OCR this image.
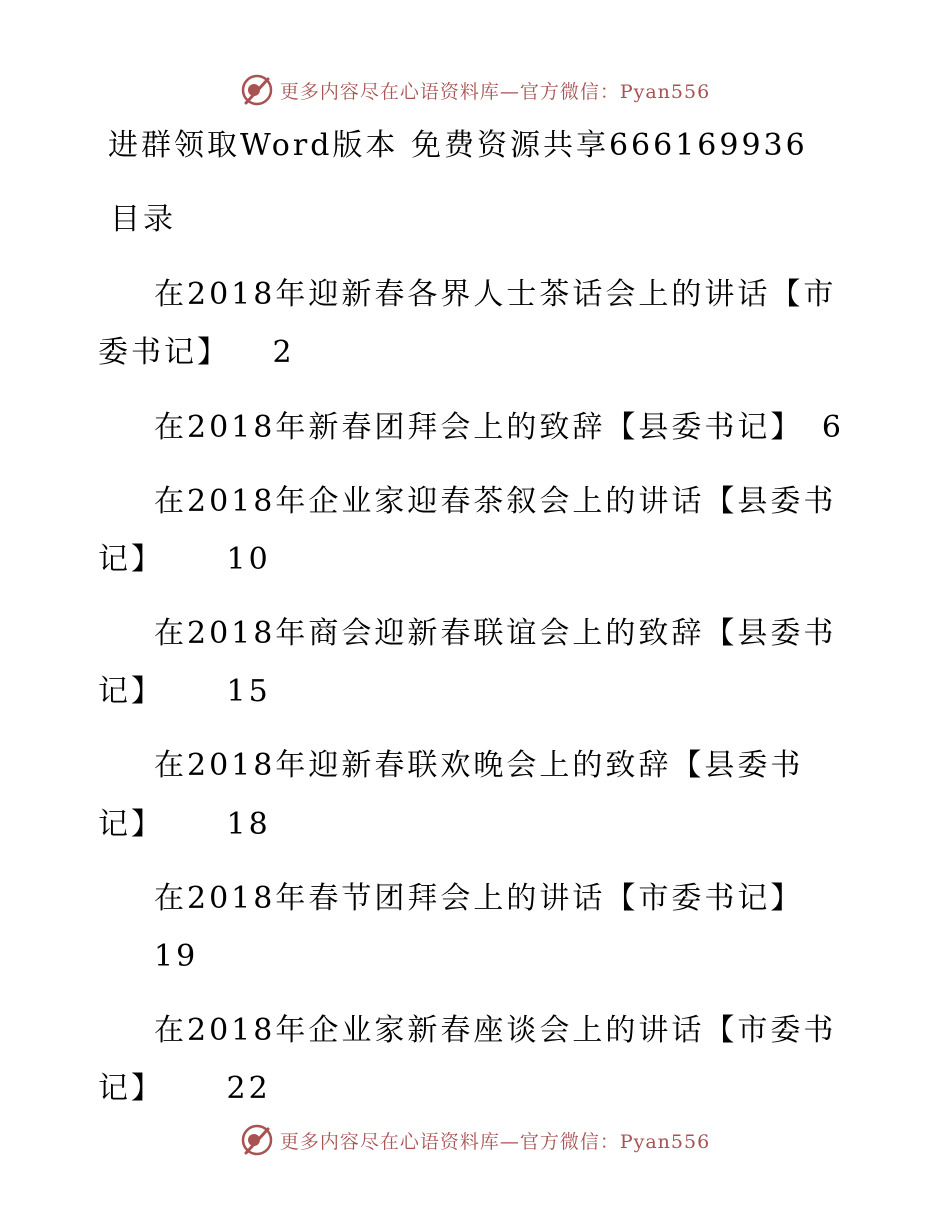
更多内容尽在心语资料库—官方微信：Pyan556
进群领取Word版本 免费资源共享666169936
目录
在2018年迎新春各界人士茶话会上的讲话【市
委书记】 2
在2018年新春团拜会上的致辞【县委书记】 6
在2018年企业家迎春茶叙会上的讲话【县委书
记】 10
在2018年商会迎新春联谊会上的致辞【县委书
记】 15
在2018年迎新春联欢晚会上的致辞【县委书
记】 18
在2018年春节团拜会上的讲话【市委书记】
19
在2018年企业家新春座谈会上的讲话【市委书
记】 22
更多内容尽在心语资料库—官方微信：Pyan556
